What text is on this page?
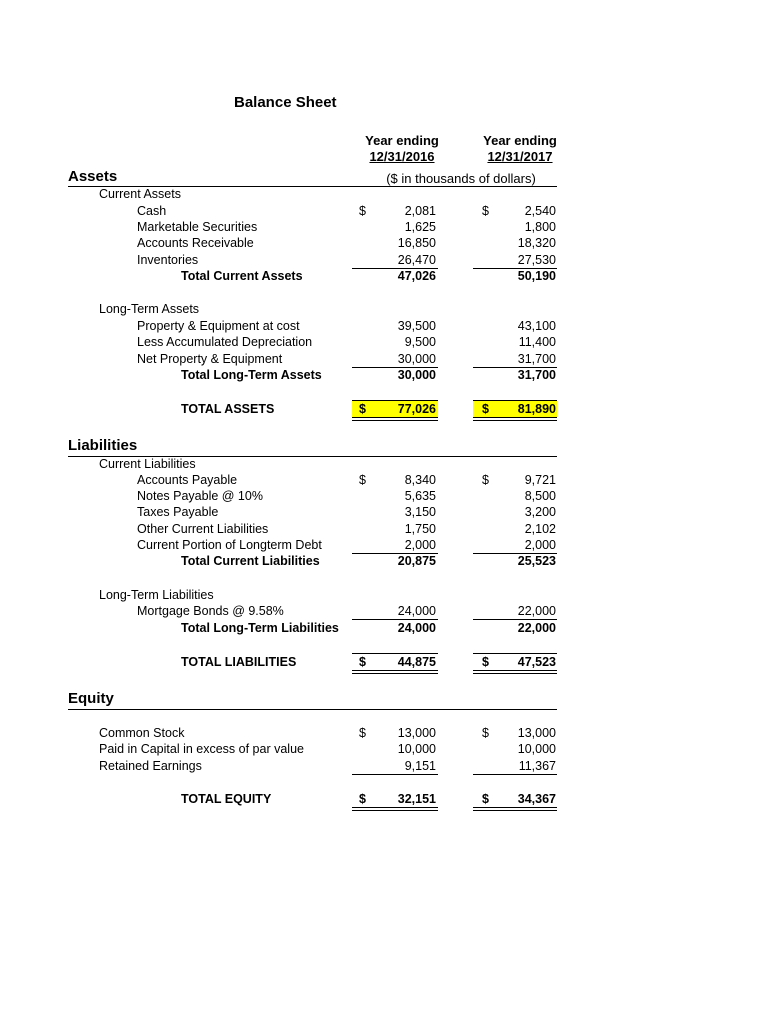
Balance Sheet
Year ending
12/31/2016
Year ending
12/31/2017
Assets	($ in thousands of dollars)
Current Assets
Cash	$	2,081	$	2,540
Marketable Securities	1,625	1,800
Accounts Receivable	16,850	18,320
Inventories	26,470	27,530
Total Current Assets	47,026	50,190
Long-Term Assets
Property & Equipment at cost	39,500	43,100
Less Accumulated Depreciation	9,500	11,400
Net Property & Equipment	30,000	31,700
Total Long-Term Assets	30,000	31,700
TOTAL ASSETS	$	77,026	$	81,890
Liabilities
Current Liabilities
Accounts Payable	$	8,340	$	9,721
Notes Payable @ 10%	5,635	8,500
Taxes Payable	3,150	3,200
Other Current Liabilities	1,750	2,102
Current Portion of Longterm Debt	2,000	2,000
Total Current Liabilities	20,875	25,523
Long-Term Liabilities
Mortgage Bonds @ 9.58%	24,000	22,000
Total Long-Term Liabilities	24,000	22,000
TOTAL LIABILITIES	$	44,875	$	47,523
Equity
Common Stock	$	13,000	$	13,000
Paid in Capital in excess of par value	10,000	10,000
Retained Earnings	9,151	11,367
TOTAL EQUITY	$	32,151	$	34,367
